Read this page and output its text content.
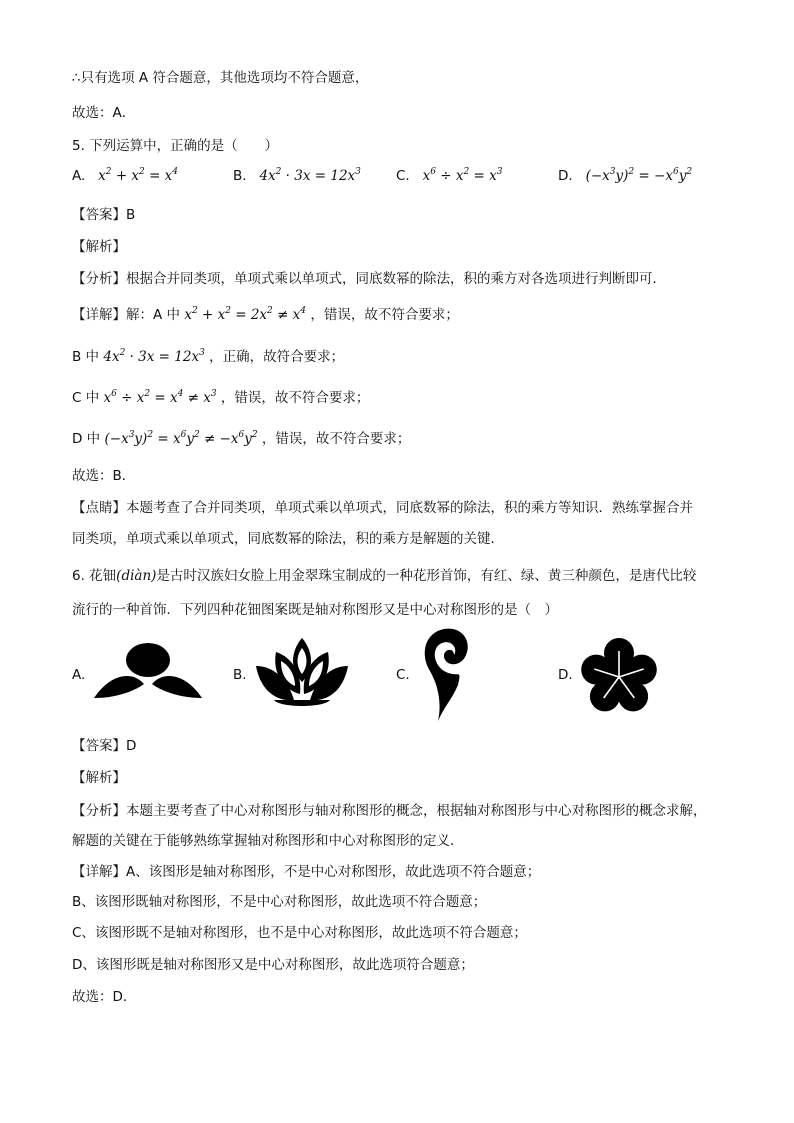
∴只有选项 A 符合题意，其他选项均不符合题意，
故选：A．
5. 下列运算中，正确的是（　　）
A.   $x^2 + x^2 = x^4$	B.   $4x^2 \cdot 3x = 12x^3$	C.   $x^6 \div x^2 = x^3$	D.   $(-x^3y)^2 = -x^6y^2$
【答案】B
【解析】
【分析】根据合并同类项，单项式乘以单项式，同底数幂的除法，积的乘方对各选项进行判断即可．
【详解】解：A 中 $x^2 + x^2 = 2x^2 \ne x^4$ ，错误，故不符合要求；
B 中 $4x^2 \cdot 3x = 12x^3$ ，正确，故符合要求；
C 中 $x^6 \div x^2 = x^4 \ne x^3$ ，错误，故不符合要求；
D 中 $(-x^3y)^2 = x^6y^2 \ne -x^6y^2$ ，错误，故不符合要求；
故选：B．
【点睛】本题考查了合并同类项，单项式乘以单项式，同底数幂的除法，积的乘方等知识．熟练掌握合并
同类项，单项式乘以单项式，同底数幂的除法，积的乘方是解题的关键．
6. 花钿(diàn)是古时汉族妇女脸上用金翠珠宝制成的一种花形首饰，有红、绿、黄三种颜色，是唐代比较
流行的一种首饰．下列四种花钿图案既是轴对称图形又是中心对称图形的是（　）
A.	B.	C.	D.
【答案】D
【解析】
【分析】本题主要考查了中心对称图形与轴对称图形的概念，根据轴对称图形与中心对称图形的概念求解，
解题的关键在于能够熟练掌握轴对称图形和中心对称图形的定义．
【详解】A、该图形是轴对称图形，不是中心对称图形，故此选项不符合题意；
B、该图形既轴对称图形，不是中心对称图形，故此选项不符合题意；
C、该图形既不是轴对称图形，也不是中心对称图形，故此选项不符合题意；
D、该图形既是轴对称图形又是中心对称图形，故此选项符合题意；
故选：D．
